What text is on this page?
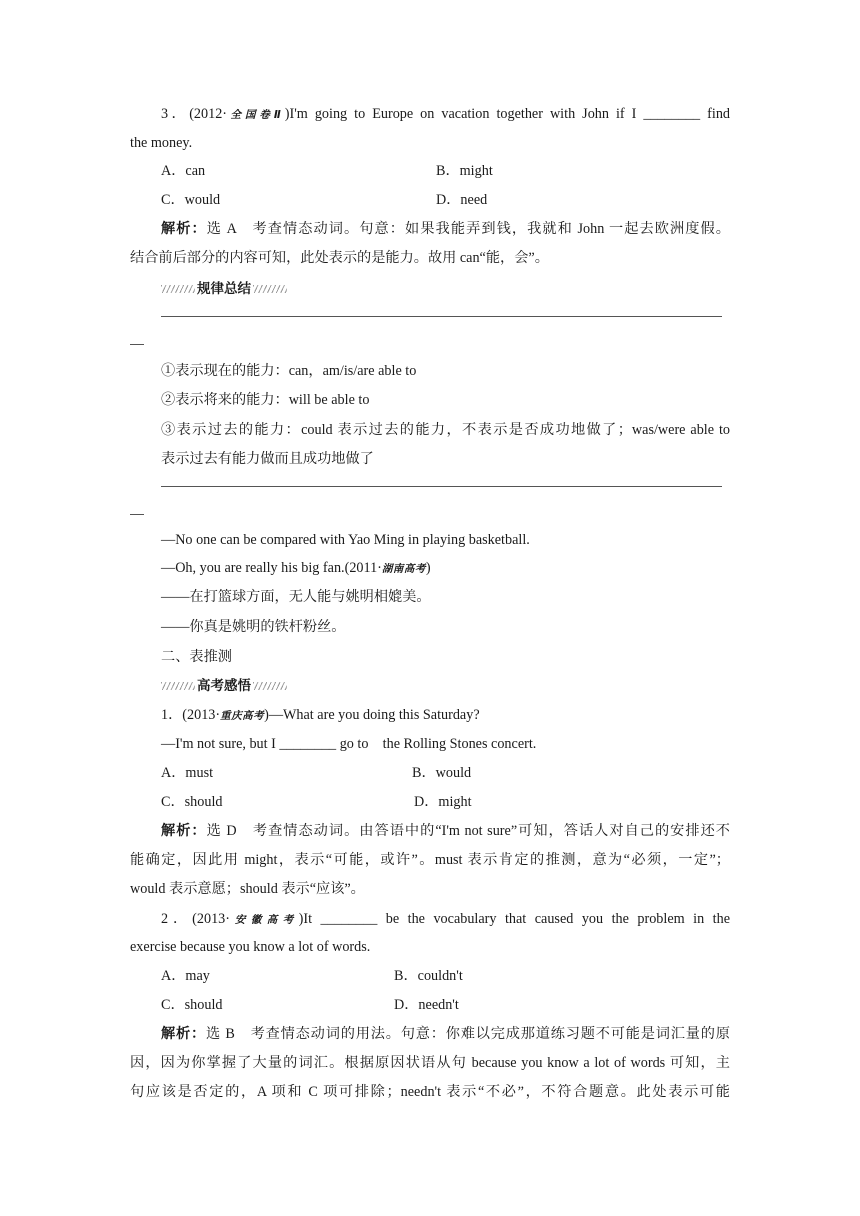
3．(2012·全国卷Ⅱ)I'm going to Europe on vacation together with John if I ________ find
the money.
A．can	B．might
C．would	D．need
解析：选 A　考查情态动词。句意：如果我能弄到钱，我就和 John 一起去欧洲度假。
结合前后部分的内容可知，此处表示的是能力。故用 can“能，会”。
规律总结
①表示现在的能力：can，am/is/are able to
②表示将来的能力：will be able to
③表示过去的能力：could 表示过去的能力，不表示是否成功地做了；was/were able to
表示过去有能力做而且成功地做了
—No one can be compared with Yao Ming in playing basketball.
—Oh, you are really his big fan.(2011·湖南高考)
——在打篮球方面，无人能与姚明相媲美。
——你真是姚明的铁杆粉丝。
二、表推测
高考感悟
1．(2013·重庆高考)—What are you doing this Saturday?
—I'm not sure, but I ________ go to　the Rolling Stones concert.
A．must	B．would
C．should	D．might
解析：选 D　考查情态动词。由答语中的“I'm not sure”可知，答话人对自己的安排还不
能确定，因此用 might，表示“可能，或许”。must 表示肯定的推测，意为“必须，一定”；
would 表示意愿；should 表示“应该”。
2．(2013·安徽高考)It ________ be the vocabulary that caused you the problem in the
exercise because you know a lot of words.
A．may	B．couldn't
C．should	D．needn't
解析：选 B　考查情态动词的用法。句意：你难以完成那道练习题不可能是词汇量的原
因，因为你掌握了大量的词汇。根据原因状语从句 because you know a lot of words 可知，主
句应该是否定的，A 项和 C 项可排除；needn't 表示“不必”，不符合题意。此处表示可能
